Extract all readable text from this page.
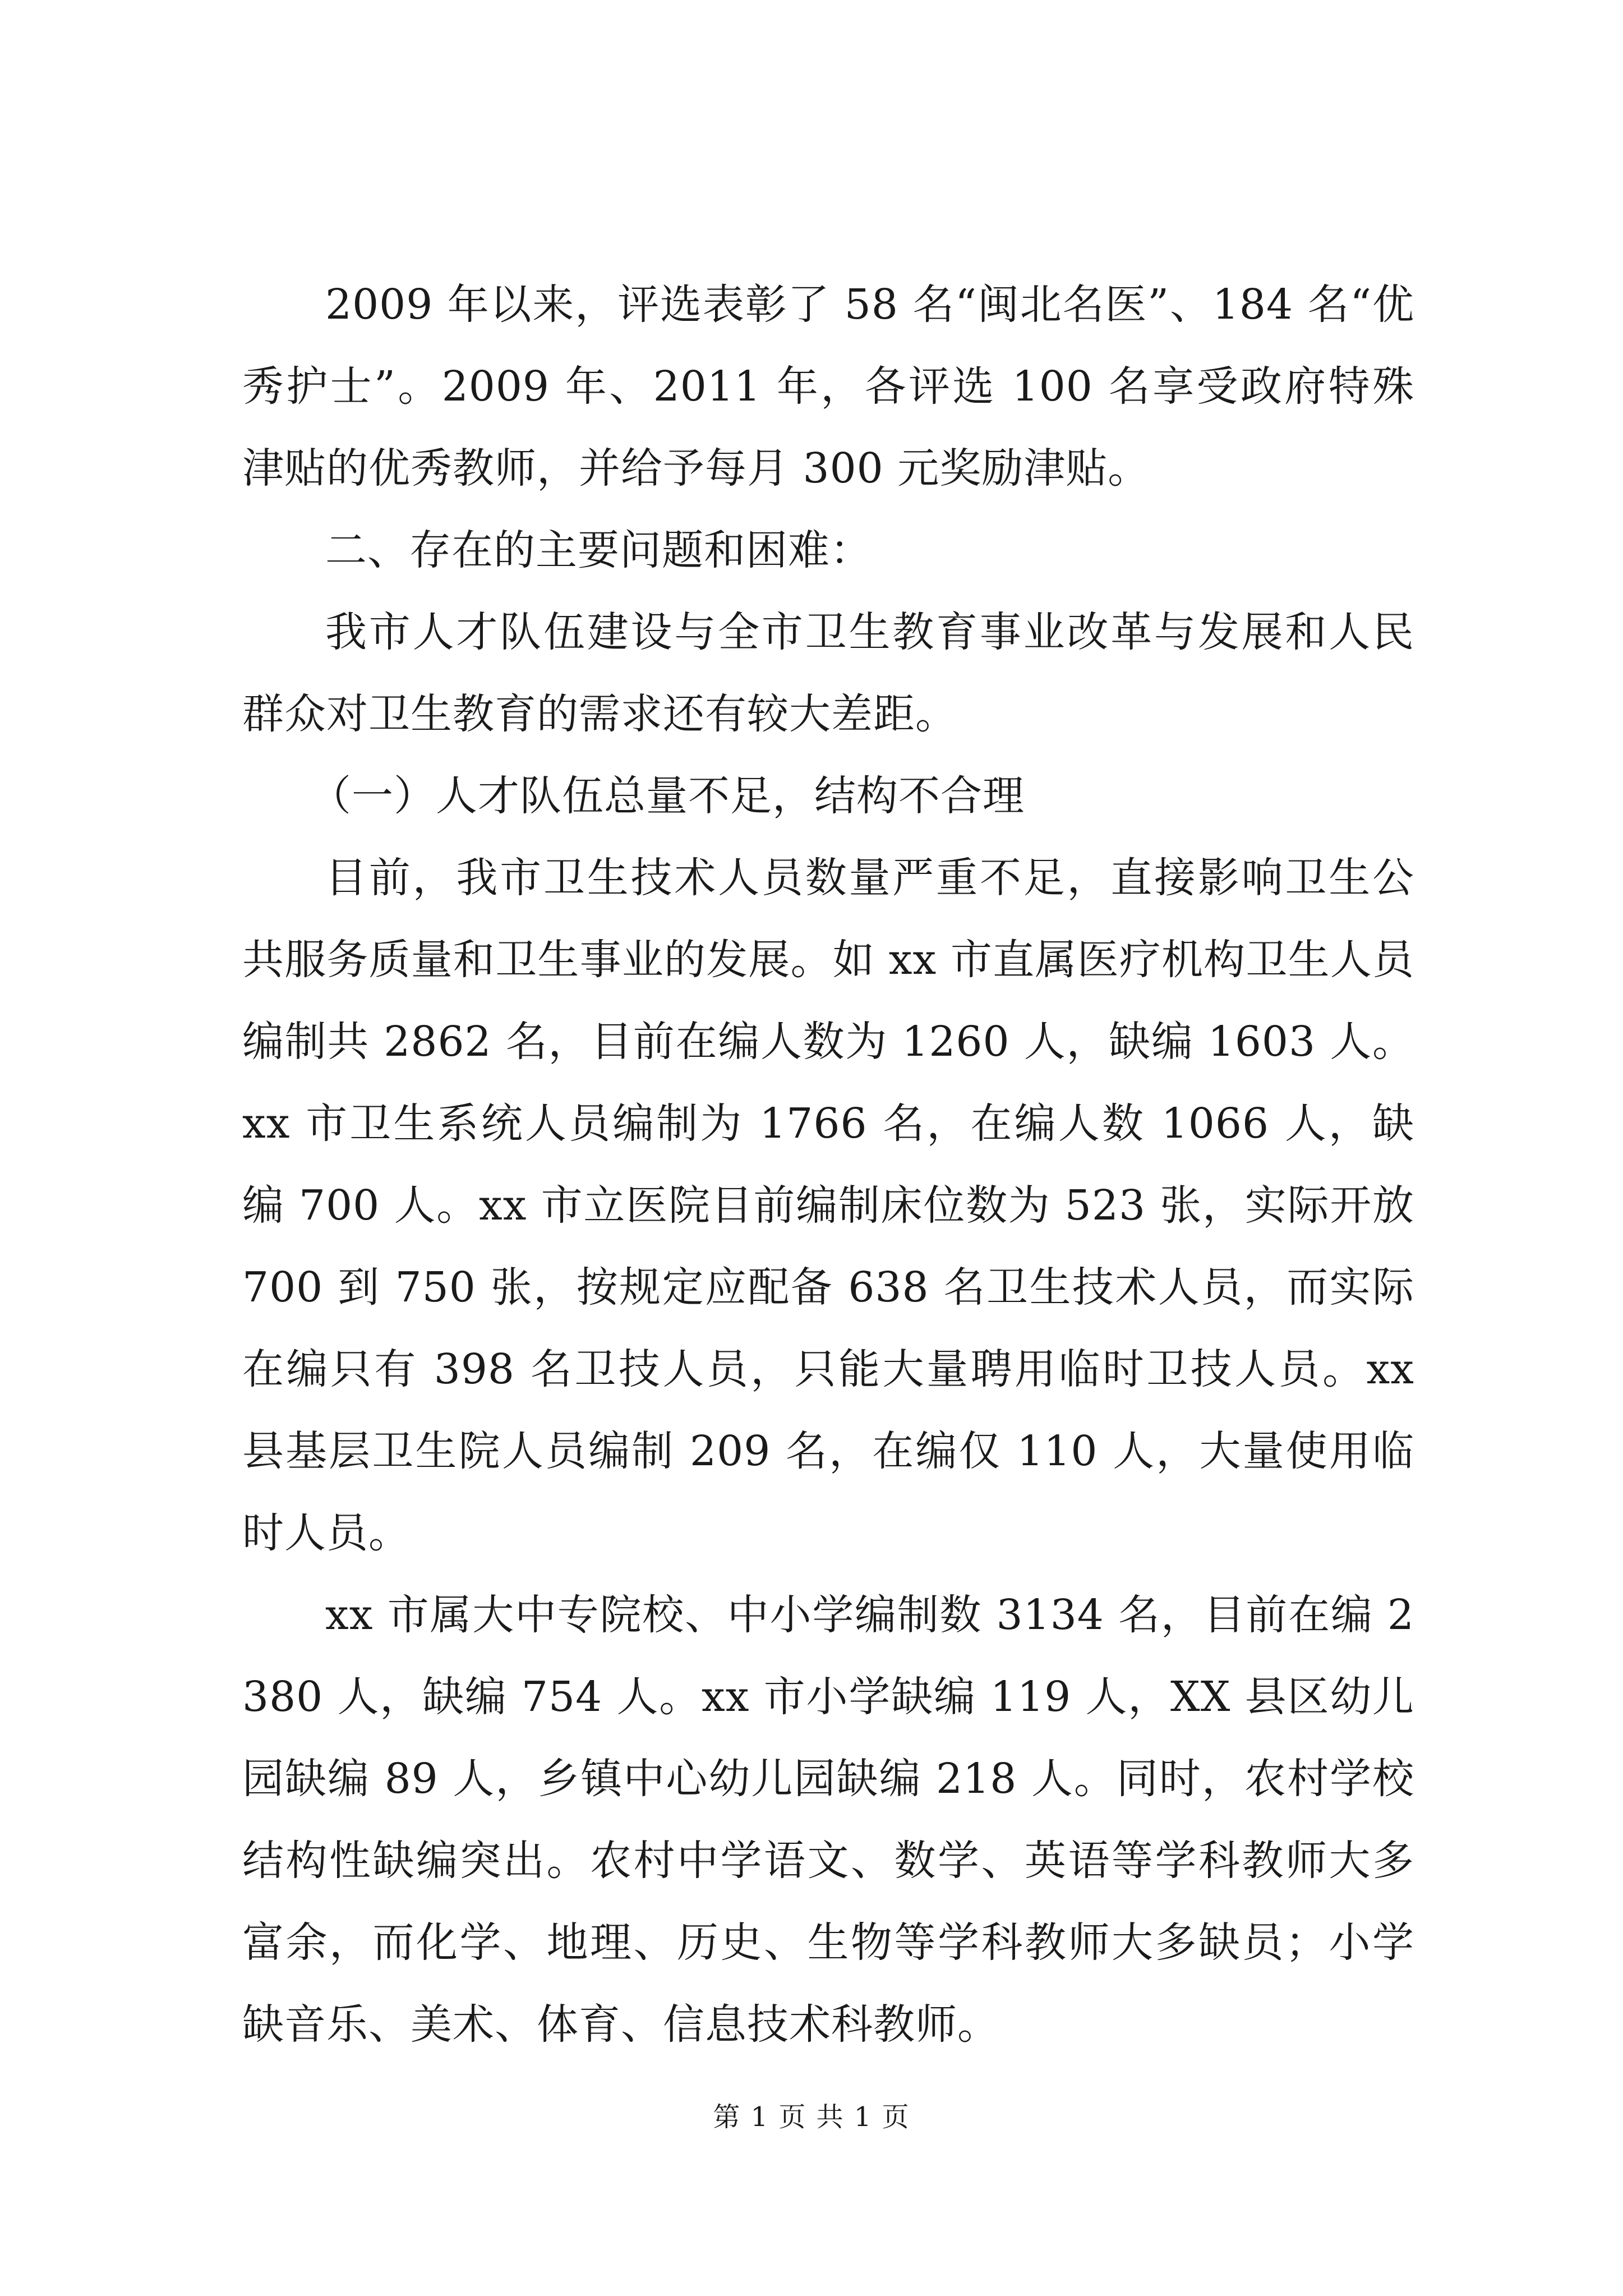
2009 年以来，评选表彰了 58 名“闽北名医”、184 名“优秀护士”。2009 年、2011 年，各评选 100 名享受政府特殊津贴的优秀教师，并给予每月 300 元奖励津贴。

二、存在的主要问题和困难：

我市人才队伍建设与全市卫生教育事业改革与发展和人民群众对卫生教育的需求还有较大差距。

（一）人才队伍总量不足，结构不合理

目前，我市卫生技术人员数量严重不足，直接影响卫生公共服务质量和卫生事业的发展。如 xx 市直属医疗机构卫生人员编制共 2862 名，目前在编人数为 1260 人，缺编 1603 人。xx 市卫生系统人员编制为 1766 名，在编人数 1066 人，缺编 700 人。xx 市立医院目前编制床位数为 523 张，实际开放 700 到 750 张，按规定应配备 638 名卫生技术人员，而实际在编只有 398 名卫技人员，只能大量聘用临时卫技人员。xx 县基层卫生院人员编制 209 名，在编仅 110 人，大量使用临时人员。

xx 市属大中专院校、中小学编制数 3134 名，目前在编 2380 人，缺编 754 人。xx 市小学缺编 119 人，XX 县区幼儿园缺编 89 人，乡镇中心幼儿园缺编 218 人。同时，农村学校结构性缺编突出。农村中学语文、数学、英语等学科教师大多富余，而化学、地理、历史、生物等学科教师大多缺员；小学缺音乐、美术、体育、信息技术科教师。

第 1 页 共 1 页
